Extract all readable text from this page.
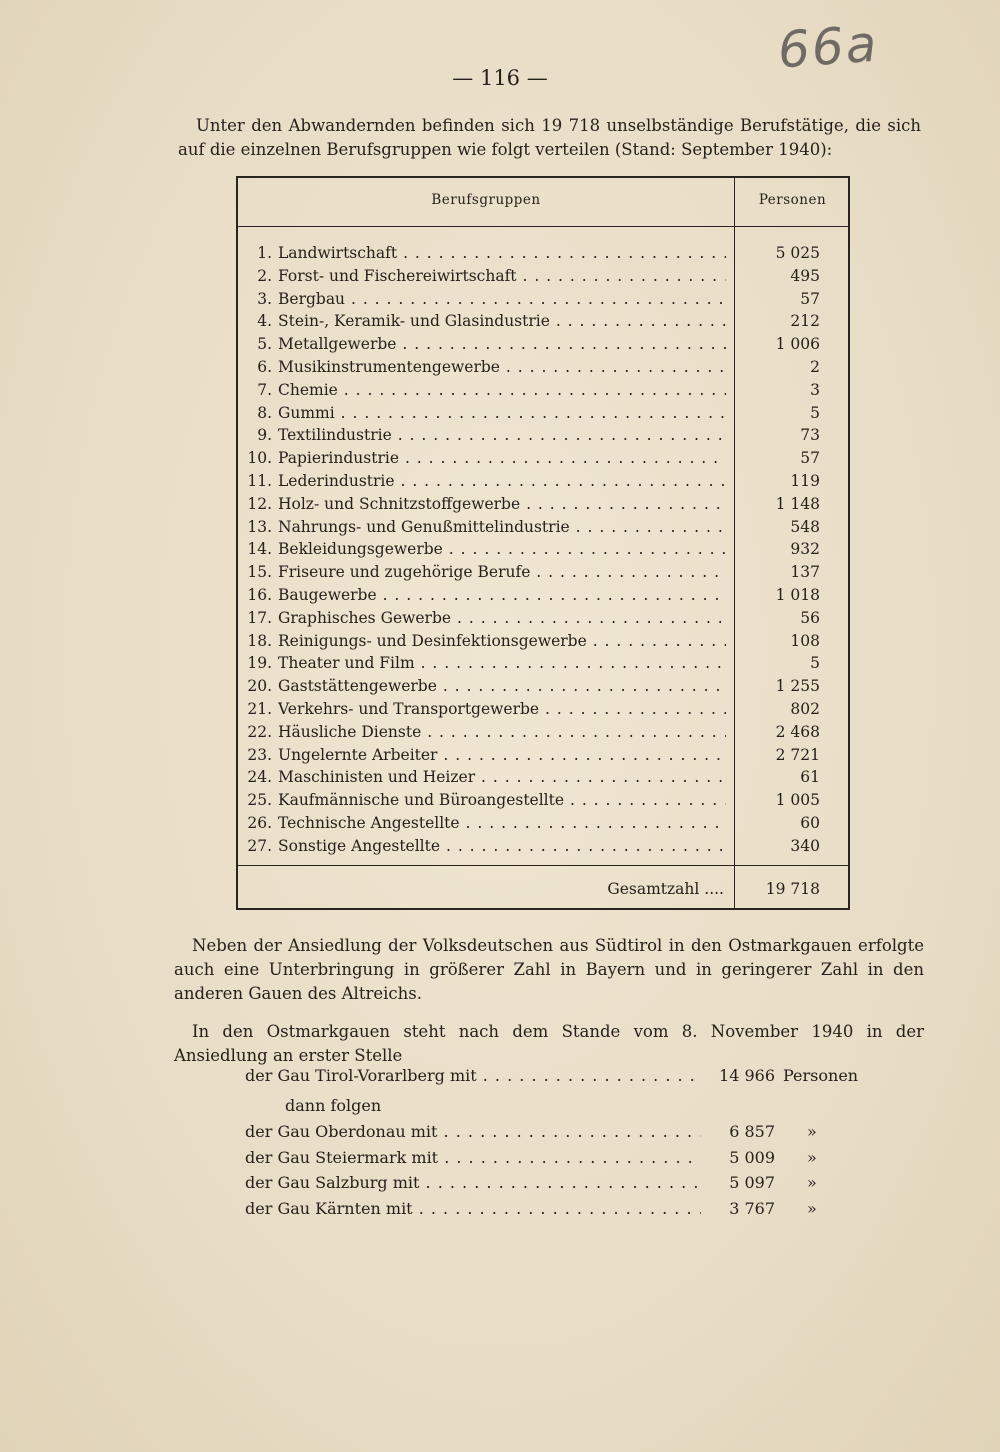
66a
— 116 —
Unter den Abwandernden befinden sich 19 718 unselbständige Berufstätige, die sich auf die einzelnen Berufsgruppen wie folgt verteilen (Stand: September 1940):
Berufsgruppen	Personen
1. Landwirtschaft . . .	5 025
2. Forst- und Fischereiwirtschaft . . .	495
3. Bergbau . . .	57
4. Stein-, Keramik- und Glasindustrie . . .	212
5. Metallgewerbe . . .	1 006
6. Musikinstrumentengewerbe . . .	2
7. Chemie . . .	3
8. Gummi . . .	5
9. Textilindustrie . . .	73
10. Papierindustrie . . .	57
11. Lederindustrie . . .	119
12. Holz- und Schnitzstoffgewerbe . . .	1 148
13. Nahrungs- und Genußmittelindustrie . . .	548
14. Bekleidungsgewerbe . . .	932
15. Friseure und zugehörige Berufe . . .	137
16. Baugewerbe . . .	1 018
17. Graphisches Gewerbe . . .	56
18. Reinigungs- und Desinfektionsgewerbe . . .	108
19. Theater und Film . . .	5
20. Gaststättengewerbe . . .	1 255
21. Verkehrs- und Transportgewerbe . . .	802
22. Häusliche Dienste . . .	2 468
23. Ungelernte Arbeiter . . .	2 721
24. Maschinisten und Heizer . . .	61
25. Kaufmännische und Büroangestellte . . .	1 005
26. Technische Angestellte . . .	60
27. Sonstige Angestellte . . .	340
Gesamtzahl ....	19 718
Neben der Ansiedlung der Volksdeutschen aus Südtirol in den Ostmarkgauen erfolgte auch eine Unterbringung in größerer Zahl in Bayern und in geringerer Zahl in den anderen Gauen des Altreichs.
In den Ostmarkgauen steht nach dem Stande vom 8. November 1940 in der Ansiedlung an erster Stelle
der Gau Tirol-Vorarlberg mit . . .	14 966 Personen
dann folgen
der Gau Oberdonau mit . . .	6 857 »
der Gau Steiermark mit . . .	5 009 »
der Gau Salzburg mit . . .	5 097 »
der Gau Kärnten mit . . .	3 767 »
